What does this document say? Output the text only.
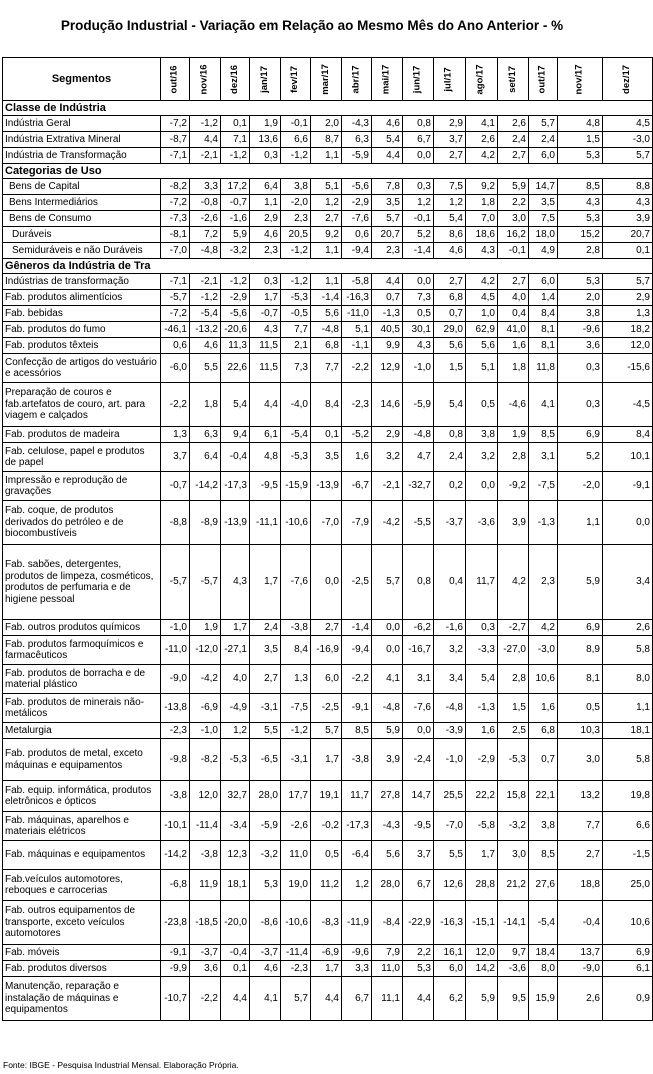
Produção Industrial - Variação em Relação ao Mesmo Mês do Ano Anterior - %
Segmentos	out/16	nov/16	dez/16	jan/17	fev/17	mar/17	abr/17	mai/17	jun/17	jul/17	ago/17	set/17	out/17	nov/17	dez/17
Classe de Indústria															
Indústria Geral	-7,2	-1,2	0,1	1,9	-0,1	2,0	-4,3	4,6	0,8	2,9	4,1	2,6	5,7	4,8	4,5
Indústria Extrativa Mineral	-8,7	4,4	7,1	13,6	6,6	8,7	6,3	5,4	6,7	3,7	2,6	2,4	2,4	1,5	-3,0
Indústria de Transformação	-7,1	-2,1	-1,2	0,3	-1,2	1,1	-5,9	4,4	0,0	2,7	4,2	2,7	6,0	5,3	5,7
Categorias de Uso															
Bens de Capital	-8,2	3,3	17,2	6,4	3,8	5,1	-5,6	7,8	0,3	7,5	9,2	5,9	14,7	8,5	8,8
Bens Intermediários	-7,2	-0,8	-0,7	1,1	-2,0	1,2	-2,9	3,5	1,2	1,2	1,8	2,2	3,5	4,3	4,3
Bens de Consumo	-7,3	-2,6	-1,6	2,9	2,3	2,7	-7,6	5,7	-0,1	5,4	7,0	3,0	7,5	5,3	3,9
Duráveis	-8,1	7,2	5,9	4,6	20,5	9,2	0,6	20,7	5,2	8,6	18,6	16,2	18,0	15,2	20,7
Semiduráveis e não Duráveis	-7,0	-4,8	-3,2	2,3	-1,2	1,1	-9,4	2,3	-1,4	4,6	4,3	-0,1	4,9	2,8	0,1
Gêneros da Indústria de Tra															
Indústrias de transformação	-7,1	-2,1	-1,2	0,3	-1,2	1,1	-5,8	4,4	0,0	2,7	4,2	2,7	6,0	5,3	5,7
Fab. produtos alimentícios	-5,7	-1,2	-2,9	1,7	-5,3	-1,4	-16,3	0,7	7,3	6,8	4,5	4,0	1,4	2,0	2,9
Fab. bebidas	-7,2	-5,4	-5,6	-0,7	-0,5	5,6	-11,0	-1,3	0,5	0,7	1,0	0,4	8,4	3,8	1,3
Fab. produtos do fumo	-46,1	-13,2	-20,6	4,3	7,7	-4,8	5,1	40,5	30,1	29,0	62,9	41,0	8,1	-9,6	18,2
Fab. produtos têxteis	0,6	4,6	11,3	11,5	2,1	6,8	-1,1	9,9	4,3	5,6	5,6	1,6	8,1	3,6	12,0
Confecção de artigos do vestuário e acessórios	-6,0	5,5	22,6	11,5	7,3	7,7	-2,2	12,9	-1,0	1,5	5,1	1,8	11,8	0,3	-15,6
Preparação de couros e fab.artefatos de couro, art. para viagem e calçados	-2,2	1,8	5,4	4,4	-4,0	8,4	-2,3	14,6	-5,9	5,4	0,5	-4,6	4,1	0,3	-4,5
Fab. produtos de madeira	1,3	6,3	9,4	6,1	-5,4	0,1	-5,2	2,9	-4,8	0,8	3,8	1,9	8,5	6,9	8,4
Fab. celulose, papel e produtos de papel	3,7	6,4	-0,4	4,8	-5,3	3,5	1,6	3,2	4,7	2,4	3,2	2,8	3,1	5,2	10,1
Impressão e reprodução de gravações	-0,7	-14,2	-17,3	-9,5	-15,9	-13,9	-6,7	-2,1	-32,7	0,2	0,0	-9,2	-7,5	-2,0	-9,1
Fab. coque, de produtos derivados do petróleo e de biocombustíveis	-8,8	-8,9	-13,9	-11,1	-10,6	-7,0	-7,9	-4,2	-5,5	-3,7	-3,6	3,9	-1,3	1,1	0,0
Fab. sabões, detergentes, produtos de limpeza, cosméticos, produtos de perfumaria e de higiene pessoal	-5,7	-5,7	4,3	1,7	-7,6	0,0	-2,5	5,7	0,8	0,4	11,7	4,2	2,3	5,9	3,4
Fab. outros produtos químicos	-1,0	1,9	1,7	2,4	-3,8	2,7	-1,4	0,0	-6,2	-1,6	0,3	-2,7	4,2	6,9	2,6
Fab. produtos farmoquímicos e farmacêuticos	-11,0	-12,0	-27,1	3,5	8,4	-16,9	-9,4	0,0	-16,7	3,2	-3,3	-27,0	-3,0	8,9	5,8
Fab. produtos de borracha e de material plástico	-9,0	-4,2	4,0	2,7	1,3	6,0	-2,2	4,1	3,1	3,4	5,4	2,8	10,6	8,1	8,0
Fab. produtos de minerais não-metálicos	-13,8	-6,9	-4,9	-3,1	-7,5	-2,5	-9,1	-4,8	-7,6	-4,8	-1,3	1,5	1,6	0,5	1,1
Metalurgia	-2,3	-1,0	1,2	5,5	-1,2	5,7	8,5	5,9	0,0	-3,9	1,6	2,5	6,8	10,3	18,1
Fab. produtos de metal, exceto máquinas e equipamentos	-9,8	-8,2	-5,3	-6,5	-3,1	1,7	-3,8	3,9	-2,4	-1,0	-2,9	-5,3	0,7	3,0	5,8
Fab. equip. informática, produtos eletrônicos e ópticos	-3,8	12,0	32,7	28,0	17,7	19,1	11,7	27,8	14,7	25,5	22,2	15,8	22,1	13,2	19,8
Fab. máquinas, aparelhos e materiais elétricos	-10,1	-11,4	-3,4	-5,9	-2,6	-0,2	-17,3	-4,3	-9,5	-7,0	-5,8	-3,2	3,8	7,7	6,6
Fab. máquinas e equipamentos	-14,2	-3,8	12,3	-3,2	11,0	0,5	-6,4	5,6	3,7	5,5	1,7	3,0	8,5	2,7	-1,5
Fab.veículos automotores, reboques e carrocerias	-6,8	11,9	18,1	5,3	19,0	11,2	1,2	28,0	6,7	12,6	28,8	21,2	27,6	18,8	25,0
Fab. outros equipamentos de transporte, exceto veículos automotores	-23,8	-18,5	-20,0	-8,6	-10,6	-8,3	-11,9	-8,4	-22,9	-16,3	-15,1	-14,1	-5,4	-0,4	10,6
Fab. móveis	-9,1	-3,7	-0,4	-3,7	-11,4	-6,9	-9,6	7,9	2,2	16,1	12,0	9,7	18,4	13,7	6,9
Fab. produtos diversos	-9,9	3,6	0,1	4,6	-2,3	1,7	3,3	11,0	5,3	6,0	14,2	-3,6	8,0	-9,0	6,1
Manutenção, reparação e instalação de máquinas e equipamentos	-10,7	-2,2	4,4	4,1	5,7	4,4	6,7	11,1	4,4	6,2	5,9	9,5	15,9	2,6	0,9
Fonte: IBGE - Pesquisa Industrial Mensal. Elaboração Própria.
